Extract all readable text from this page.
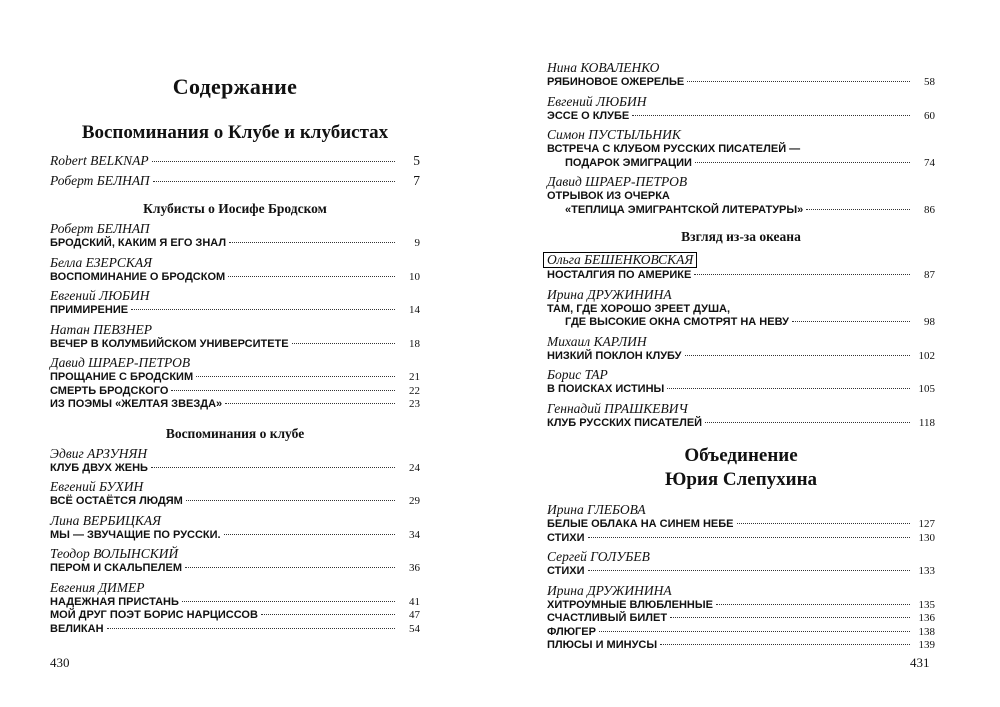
Содержание
Воспоминания о Клубе и клубистах
Robert BELKNAP	5
Роберт БЕЛНАП	7
Клубисты о Иосифе Бродском
Роберт БЕЛНАП
БРОДСКИЙ, КАКИМ Я ЕГО ЗНАЛ	9
Белла ЕЗЕРСКАЯ
ВОСПОМИНАНИЕ О БРОДСКОМ	10
Евгений ЛЮБИН
ПРИМИРЕНИЕ	14
Натан ПЕВЗНЕР
ВЕЧЕР В КОЛУМБИЙСКОМ УНИВЕРСИТЕТЕ	18
Давид ШРАЕР-ПЕТРОВ
ПРОЩАНИЕ С БРОДСКИМ	21
СМЕРТЬ БРОДСКОГО	22
ИЗ ПОЭМЫ «ЖЕЛТАЯ ЗВЕЗДА»	23
Воспоминания о клубе
Эдвиг АРЗУНЯН
КЛУБ ДВУХ ЖЕНЬ	24
Евгений БУХИН
ВСЁ ОСТАЁТСЯ ЛЮДЯМ	29
Лина ВЕРБИЦКАЯ
МЫ — ЗВУЧАЩИЕ ПО РУССКИ.	34
Теодор ВОЛЫНСКИЙ
ПЕРОМ И СКАЛЬПЕЛЕМ	36
Евгения ДИМЕР
НАДЕЖНАЯ ПРИСТАНЬ	41
МОЙ ДРУГ ПОЭТ БОРИС НАРЦИССОВ	47
ВЕЛИКАН	54
430
Нина КОВАЛЕНКО
РЯБИНОВОЕ ОЖЕРЕЛЬЕ	58
Евгений ЛЮБИН
ЭССЕ О КЛУБЕ	60
Симон ПУСТЫЛЬНИК
ВСТРЕЧА С КЛУБОМ РУССКИХ ПИСАТЕЛЕЙ —
ПОДАРОК ЭМИГРАЦИИ	74
Давид ШРАЕР-ПЕТРОВ
ОТРЫВОК ИЗ ОЧЕРКА
«ТЕПЛИЦА ЭМИГРАНТСКОЙ ЛИТЕРАТУРЫ»	86
Взгляд из-за океана
Ольга БЕШЕНКОВСКАЯ
НОСТАЛГИЯ ПО АМЕРИКЕ	87
Ирина ДРУЖИНИНА
ТАМ, ГДЕ ХОРОШО ЗРЕЕТ ДУША,
ГДЕ ВЫСОКИЕ ОКНА СМОТРЯТ НА НЕВУ	98
Михаил КАРЛИН
НИЗКИЙ ПОКЛОН КЛУБУ	102
Борис ТАР
В ПОИСКАХ ИСТИНЫ	105
Геннадий ПРАШКЕВИЧ
КЛУБ РУССКИХ ПИСАТЕЛЕЙ	118
Объединение
Юрия Слепухина
Ирина ГЛЕБОВА
БЕЛЫЕ ОБЛАКА НА СИНЕМ НЕБЕ	127
СТИХИ	130
Сергей ГОЛУБЕВ
СТИХИ	133
Ирина ДРУЖИНИНА
ХИТРОУМНЫЕ ВЛЮБЛЕННЫЕ	135
СЧАСТЛИВЫЙ БИЛЕТ	136
ФЛЮГЕР	138
ПЛЮСЫ И МИНУСЫ	139
431
